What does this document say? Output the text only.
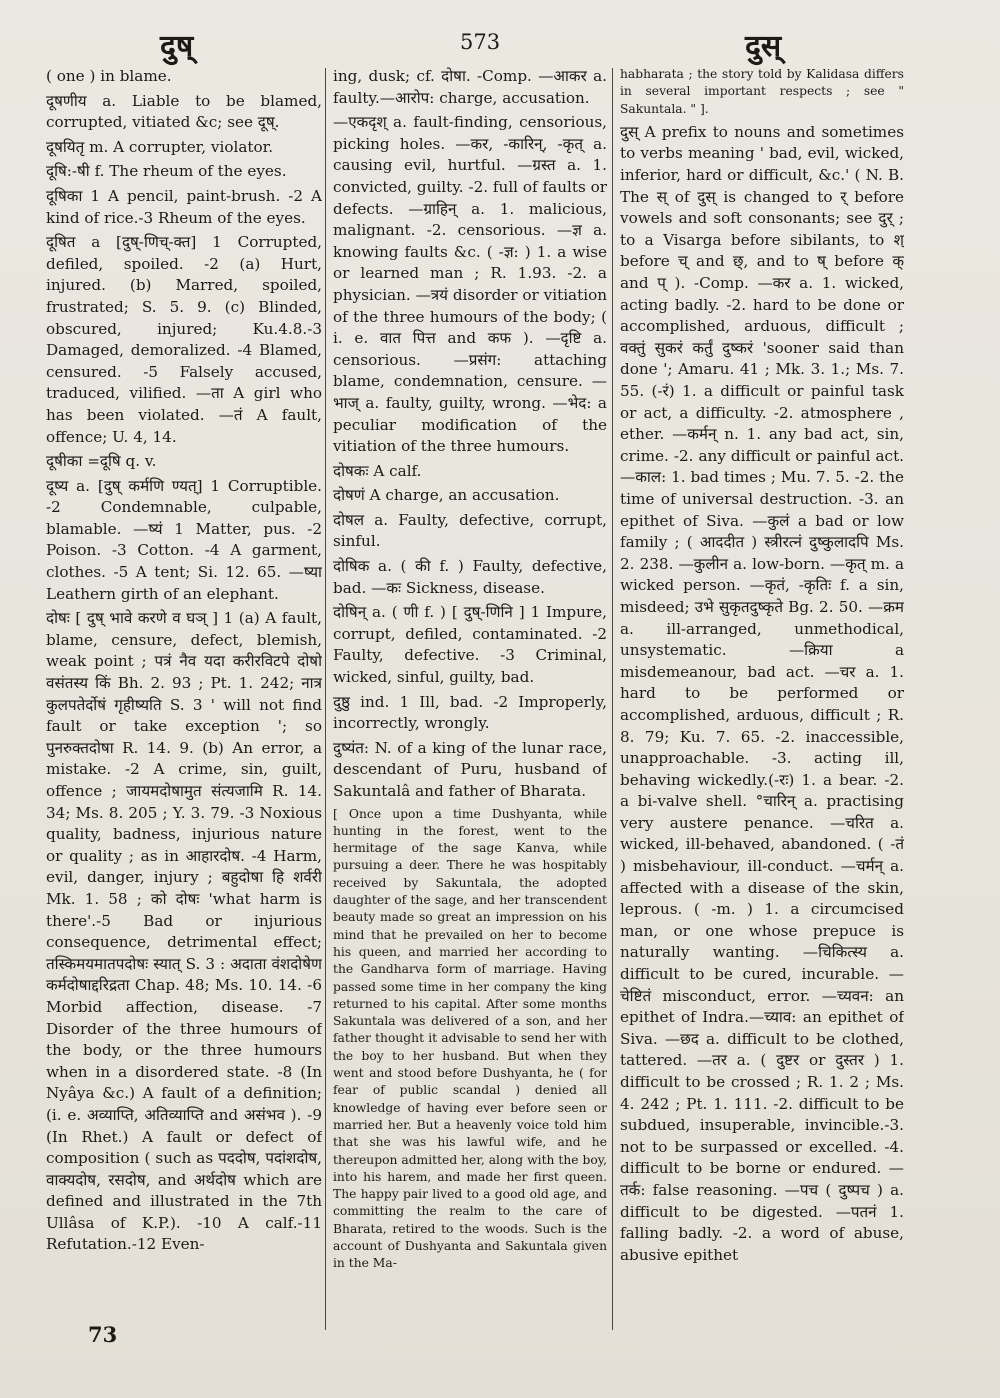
दुष्	573	दुस्

( one ) in blame.

दूषणीय a. Liable to be blamed, corrupted, vitiated &c; see दूष्.

दूषयितृ m. A corrupter, violator.

दूषि:-षी f. The rheum of the eyes.

दूषिका 1 A pencil, paint-brush. -2 A kind of rice.-3 Rheum of the eyes.

दूषित a [दुष्-णिच्-क्त] 1 Corrupted, defiled, spoiled. -2 (a) Hurt, injured. (b) Marred, spoiled, frustrated; S. 5. 9. (c) Blinded, obscured, injured; Ku.4.8.-3 Damaged, demoralized. -4 Blamed, censured. -5 Falsely accused, traduced, vilified. —ता A girl who has been violated. —तं A fault, offence; U. 4, 14.

दूषीका =दूषि q. v.

दूष्य a. [दुष् कर्मणि ण्यत्] 1 Corruptible. -2 Condemnable, culpable, blamable. —ष्यं 1 Matter, pus. -2 Poison. -3 Cotton. -4 A garment, clothes. -5 A tent; Si. 12. 65. —ष्या Leathern girth of an elephant.

दोषः [ दुष् भावे करणे व घञ् ] 1 (a) A fault, blame, censure, defect, blemish, weak point ; पत्रं नैव यदा करीरविटपे दोषो वसंतस्य किं Bh. 2. 93 ; Pt. 1. 242; नात्र कुलपतेर्दोषं गृहीष्यति S. 3 ' will not find fault or take exception '; so पुनरुक्तदोषा R. 14. 9. (b) An error, a mistake. -2 A crime, sin, guilt, offence ; जायमदोषामुत संत्यजामि R. 14. 34; Ms. 8. 205 ; Y. 3. 79. -3 Noxious quality, badness, injurious nature or quality ; as in आहारदोष. -4 Harm, evil, danger, injury ; बहुदोषा हि शर्वरी Mk. 1. 58 ; को दोषः 'what harm is there'.-5 Bad or injurious consequence, detrimental effect; तस्किमयमातपदोषः स्यात् S. 3 : अदाता वंशदोषेण कर्मदोषाद्दरिद्रता Chap. 48; Ms. 10. 14. -6 Morbid affection, disease. -7 Disorder of the three humours of the body, or the three humours when in a disordered state. -8 (In Nyâya &c.) A fault of a definition; (i. e. अव्याप्ति, अतिव्याप्ति and असंभव ). -9 (In Rhet.) A fault or defect of composition ( such as पददोष, पदांशदोष, वाक्यदोष, रसदोष, and अर्थदोष which are defined and illustrated in the 7th Ullâsa of K.P.). -10 A calf.-11 Refutation.-12 Even-

ing, dusk; cf. दोषा. -Comp. —आकर a. faulty.—आरोप: charge, accusation.

—एकदृश् a. fault-finding, censorious, picking holes. —कर, -कारिन्, -कृत् a. causing evil, hurtful. —ग्रस्त a. 1. convicted, guilty. -2. full of faults or defects. —ग्राहिन् a. 1. malicious, malignant. -2. censorious. —ज्ञ a. knowing faults &c. ( -ज्ञ: ) 1. a wise or learned man ; R. 1.93. -2. a physician. —त्रयं disorder or vitiation of the three humours of the body; ( i. e. वात पित्त and कफ ). —दृष्टि a. censorious. —प्रसंग: attaching blame, condemnation, censure. —भाज् a. faulty, guilty, wrong. —भेद: a peculiar modification of the vitiation of the three humours.

दोषकः A calf.

दोषणं A charge, an accusation.

दोषल a. Faulty, defective, corrupt, sinful.

दोषिक a. ( की f. ) Faulty, defective, bad. —कः Sickness, disease.

दोषिन् a. ( णी f. ) [ दुष्-णिनि ] 1 Impure, corrupt, defiled, contaminated. -2 Faulty, defective. -3 Criminal, wicked, sinful, guilty, bad.

दुष्ठु ind. 1 Ill, bad. -2 Improperly, incorrectly, wrongly.

दुष्यंत: N. of a king of the lunar race, descendant of Puru, husband of Sakuntalâ and father of Bharata.

[ Once upon a time Dushyanta, while hunting in the forest, went to the hermitage of the sage Kanva, while pursuing a deer. There he was hospitably received by Sakuntala, the adopted daughter of the sage, and her transcendent beauty made so great an impression on his mind that he prevailed on her to become his queen, and married her according to the Gandharva form of marriage. Having passed some time in her company the king returned to his capital. After some months Sakuntala was delivered of a son, and her father thought it advisable to send her with the boy to her husband. But when they went and stood before Dushyanta, he ( for fear of public scandal ) denied all knowledge of having ever before seen or married her. But a heavenly voice told him that she was his lawful wife, and he thereupon admitted her, along with the boy, into his harem, and made her first queen. The happy pair lived to a good old age, and committing the realm to the care of Bharata, retired to the woods. Such is the account of Dushyanta and Sakuntala given in the Ma-

habharata ; the story told by Kalidasa differs in several important respects ; see " Sakuntala. " ].

दुस् A prefix to nouns and sometimes to verbs meaning ' bad, evil, wicked, inferior, hard or difficult, &c.' ( N. B. The स् of दुस् is changed to र् before vowels and soft consonants; see दुर् ; to a Visarga before sibilants, to श् before च् and छ्, and to ष् before क् and प् ). -Comp. —कर a. 1. wicked, acting badly. -2. hard to be done or accomplished, arduous, difficult ; वक्तुं सुकरं कर्तुं दुष्करं 'sooner said than done '; Amaru. 41 ; Mk. 3. 1.; Ms. 7. 55. (-रं) 1. a difficult or painful task or act, a difficulty. -2. atmosphere , ether. —कर्मन् n. 1. any bad act, sin, crime. -2. any difficult or painful act. —काल: 1. bad times ; Mu. 7. 5. -2. the time of universal destruction. -3. an epithet of Siva. —कुलं a bad or low family ; ( आददीत ) स्त्रीरत्नं दुष्कुलादपि Ms. 2. 238. —कुलीन a. low-born. —कृत् m. a wicked person. —कृतं, -कृतिः f. a sin, misdeed; उभे सुकृतदुष्कृते Bg. 2. 50. —क्रम a. ill-arranged, unmethodical, unsystematic. —क्रिया a misdemeanour, bad act. —चर a. 1. hard to be performed or accomplished, arduous, difficult ; R. 8. 79; Ku. 7. 65. -2. inaccessible, unapproachable. -3. acting ill, behaving wickedly.(-रः) 1. a bear. -2. a bi-valve shell. °चारिन् a. practising very austere penance. —चरित a. wicked, ill-behaved, abandoned. ( -तं ) misbehaviour, ill-conduct. —चर्मन् a. affected with a disease of the skin, leprous. ( -m. ) 1. a circumcised man, or one whose prepuce is naturally wanting. —चिकित्स्य a. difficult to be cured, incurable. —चेष्टितं misconduct, error. —च्यवन: an epithet of Indra.—च्याव: an epithet of Siva. —छद a. difficult to be clothed, tattered. —तर a. ( दुष्टर or दुस्तर ) 1. difficult to be crossed ; R. 1. 2 ; Ms. 4. 242 ; Pt. 1. 111. -2. difficult to be subdued, insuperable, invincible.-3. not to be surpassed or excelled. -4. difficult to be borne or endured. —तर्क: false reasoning. —पच ( दुष्पच ) a. difficult to be digested. —पतनं 1. falling badly. -2. a word of abuse, abusive epithet

73
